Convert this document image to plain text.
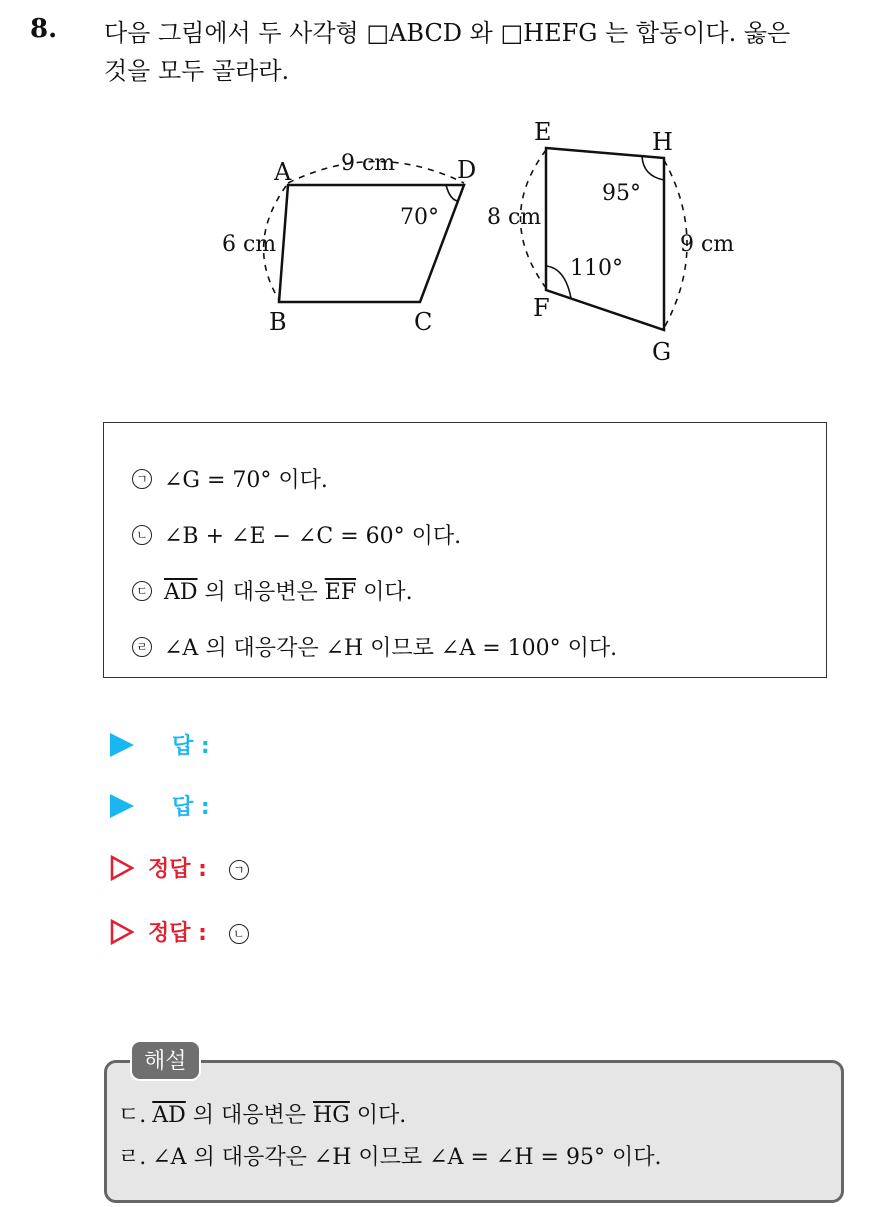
8. 다음 그림에서 두 사각형 □ABCD 와 □HEFG 는 합동이다. 옳은
것을 모두 골라라.
A	D
B	C
9 cm
6 cm
70°
E	H
F
G
8 cm
9 cm
95°
110°
ㄱ ∠G = 70° 이다.
ㄴ ∠B + ∠E − ∠C = 60° 이다.
ㄷ $\overline{AD}$ 의 대응변은 $\overline{EF}$ 이다.
ㄹ ∠A 의 대응각은 ∠H 이므로 ∠A = 100° 이다.
답 :
답 :
정답 :	ㄱ
정답 :	ㄴ
해설
ㄷ. $\overline{AD}$ 의 대응변은 $\overline{HG}$ 이다.
ㄹ. ∠A 의 대응각은 ∠H 이므로 ∠A = ∠H = 95° 이다.
